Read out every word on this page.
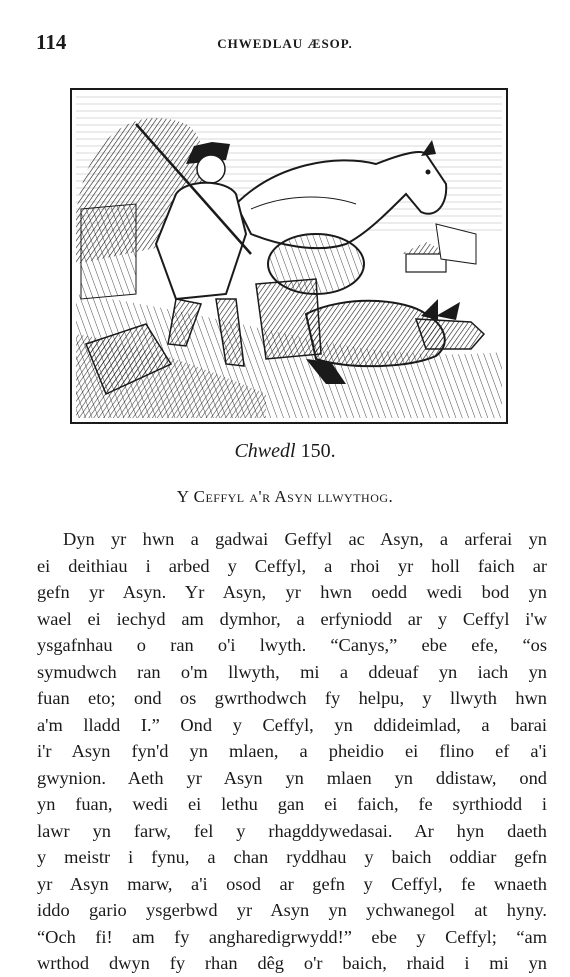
114	CHWEDLAU ÆSOP.
Chwedl 150.
Y Ceffyl a'r Asyn llwythog.
Dyn yr hwn a gadwai Geffyl ac Asyn, a arferai yn
ei deithiau i arbed y Ceffyl, a rhoi yr holl faich ar
gefn yr Asyn. Yr Asyn, yr hwn oedd wedi bod yn
wael ei iechyd am dymhor, a erfyniodd ar y Ceffyl i'w
ysgafnhau o ran o'i lwyth. “Canys,” ebe efe, “os
symudwch ran o'm llwyth, mi a ddeuaf yn iach yn
fuan eto; ond os gwrthodwch fy helpu, y llwyth hwn
a'm lladd I.” Ond y Ceffyl, yn ddideimlad, a barai
i'r Asyn fyn'd yn mlaen, a pheidio ei flino ef a'i
gwynion. Aeth yr Asyn yn mlaen yn ddistaw, ond
yn fuan, wedi ei lethu gan ei faich, fe syrthiodd i
lawr yn farw, fel y rhagddywedasai. Ar hyn daeth
y meistr i fynu, a chan ryddhau y baich oddiar gefn
yr Asyn marw, a'i osod ar gefn y Ceffyl, fe wnaeth
iddo gario ysgerbwd yr Asyn yn ychwanegol at hyny.
“Och fi! am fy angharedigrwydd!” ebe y Ceffyl; “am
wrthod dwyn fy rhan dêg o'r baich, rhaid i mi yn
